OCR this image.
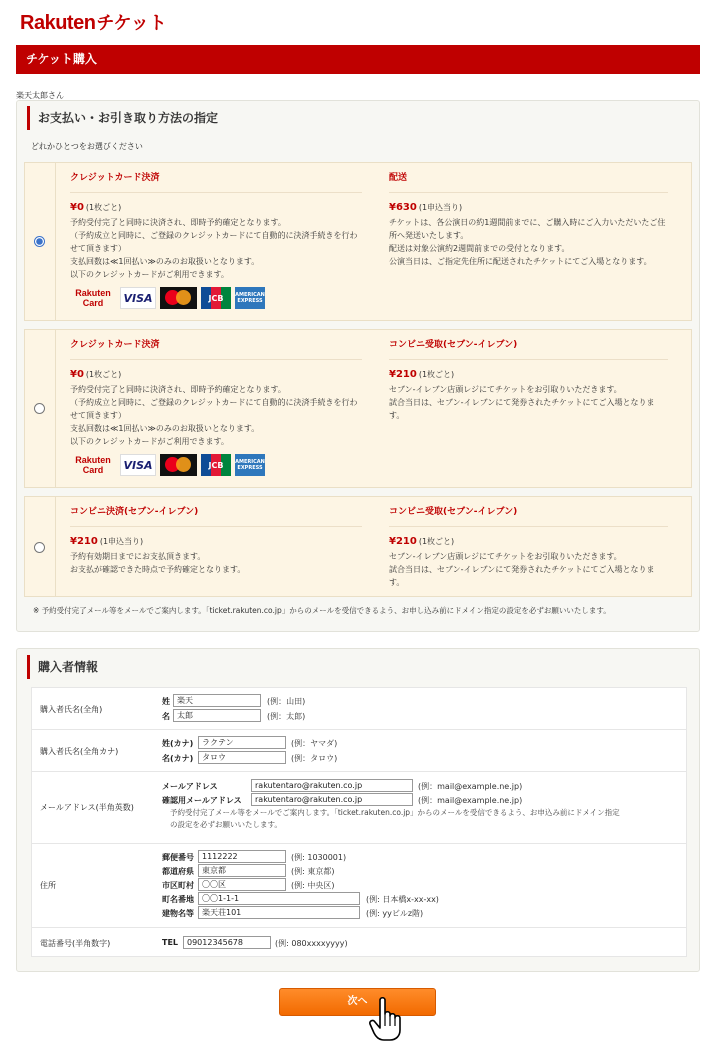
Rakuten チケット
チケット購入
楽天太郎さん
お支払い・お引き取り方法の指定
どれかひとつをお選びください
クレジットカード決済
¥0 (1枚ごと)
予約受付完了と同時に決済され、即時予約確定となります。
（予約成立と同時に、ご登録のクレジットカードにて自動的に決済手続きを行わせて頂きます）
支払回数は≪1回払い≫のみのお取扱いとなります。
以下のクレジットカードがご利用できます。
Rakuten
Card	VISA	JCB	AMERICAN
EXPRESS
配送
¥630 (1申込当り)
チケットは、各公演日の約1週間前までに、ご購入時にご入力いただいたご住所へ発送いたします。
配送は対象公演約2週間前までの受付となります。
公演当日は、ご指定先住所に配送されたチケットにてご入場となります。
クレジットカード決済
¥0 (1枚ごと)
予約受付完了と同時に決済され、即時予約確定となります。
（予約成立と同時に、ご登録のクレジットカードにて自動的に決済手続きを行わせて頂きます）
支払回数は≪1回払い≫のみのお取扱いとなります。
以下のクレジットカードがご利用できます。
Rakuten
Card	VISA	JCB	AMERICAN
EXPRESS
コンビニ受取(セブン-イレブン)
¥210 (1枚ごと)
セブン-イレブン店頭レジにてチケットをお引取りいただきます。
試合当日は、セブン-イレブンにて発券されたチケットにてご入場となります。
コンビニ決済(セブン-イレブン)
¥210 (1申込当り)
予約有効期日までにお支払頂きます。
お支払が確認できた時点で予約確定となります。
コンビニ受取(セブン-イレブン)
¥210 (1枚ごと)
セブン-イレブン店頭レジにてチケットをお引取りいただきます。
試合当日は、セブン-イレブンにて発券されたチケットにてご入場となります。
※ 予約受付完了メール等をメールでご案内します。「ticket.rakuten.co.jp」からのメールを受信できるよう、お申し込み前にドメイン指定の設定を必ずお願いいたします。
購入者情報
購入者氏名(全角)
姓
楽天	(例：山田)
名
太郎	(例：太郎)
購入者氏名(全角カナ)
姓(カナ)
ラクテン	(例：ヤマダ)
名(カナ)
タロウ	(例：タロウ)
メールアドレス(半角英数)
メールアドレス
rakutentaro@rakuten.co.jp	(例：mail@example.ne.jp)
確認用メールアドレス
rakutentaro@rakuten.co.jp	(例：mail@example.ne.jp)
予約受付完了メール等をメールでご案内します。「ticket.rakuten.co.jp」からのメールを受信できるよう、お申込み前にドメイン指定
の設定を必ずお願いいたします。
住所
郵便番号
1112222	(例: 1030001)
都道府県
東京都	(例: 東京都)
市区町村
〇〇区	(例: 中央区)
町名番地
〇〇1-1-1	(例: 日本橋x-xx-xx)
建物名等
楽天荘101	(例: yyビルz階)
電話番号(半角数字)	TEL
09012345678	(例: 080xxxxyyyy)
次へ
